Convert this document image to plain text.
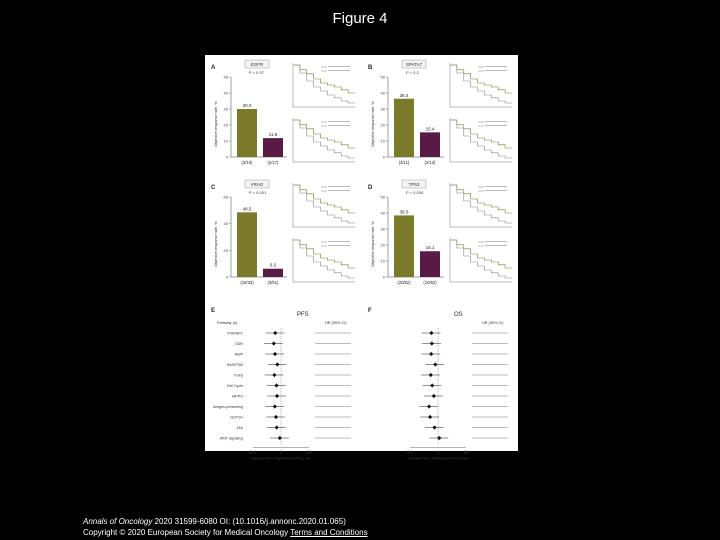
Figure 4
A
EGFR
P = 0.37
0
10
20
30
40
50
Objective response rate, %	30.0
(3/10)
11.8
(2/17)
B
SPATA7
P = 0.2
0
10
20
30
40
50
Objective response rate, %
36.4
(4/11)
15.4
(2/13)
C
VRAG
P = 0.001
0
20
40
60
Objective response rate, %
48.5
(16/33)
6.2
(3/51)
D
TP53
P = 0.005
0
10
20
30
40
50
Objective response rate, %
38.5
(20/52)
16.1
(10/62)
E
PFS
Pathway (n)	HR (95% CI)
PI3K/AKT
DDR
RB/P
RAS/PI3K
TGFβ
Cell Cycle
HIPPO
Antigen-presenting
NOTCH
JAK
WNT signaling
0.1	1	10
Favours PD-L1 high Favours PD-L1 low
F
OS
HR (95% CI)
0.1	1	10
Favours PD-L1 high Favours PD-L1 low
Annals of Oncology 2020 31599-6080 OI: (10.1016/j.annonc.2020.01.065)
Copyright © 2020 European Society for Medical Oncology Terms and Conditions
